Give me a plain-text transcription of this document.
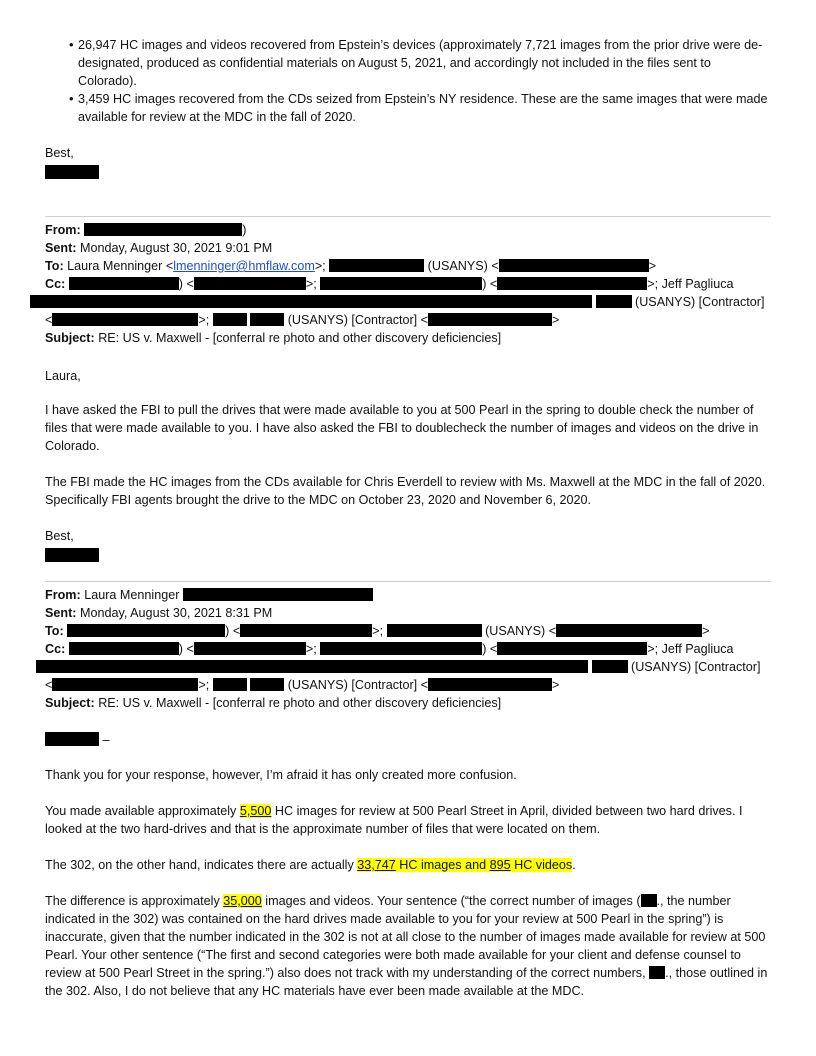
• 26,947 HC images and videos recovered from Epstein’s devices (approximately 7,721 images from the prior drive were de-designated, produced as confidential materials on August 5, 2021, and accordingly not included in the files sent to Colorado).
• 3,459 HC images recovered from the CDs seized from Epstein’s NY residence. These are the same images that were made available for review at the MDC in the fall of 2020.
Best,
From:	)
Sent: Monday, August 30, 2021 9:01 PM
To: Laura Menninger <lmenninger@hmflaw.com>;	(USANYS) <	>
Cc:	) <	>;	) <	>; Jeff Pagliuca
(USANYS) [Contractor]
<	>;	(USANYS) [Contractor] <	>
Subject: RE: US v. Maxwell - [conferral re photo and other discovery deficiencies]
Laura,
I have asked the FBI to pull the drives that were made available to you at 500 Pearl in the spring to double check the number of files that were made available to you. I have also asked the FBI to doublecheck the number of images and videos on the drive in Colorado.
The FBI made the HC images from the CDs available for Chris Everdell to review with Ms. Maxwell at the MDC in the fall of 2020. Specifically FBI agents brought the drive to the MDC on October 23, 2020 and November 6, 2020.
Best,
From: Laura Menninger
Sent: Monday, August 30, 2021 8:31 PM
To:	) <	>;	(USANYS) <	>
Cc:	) <	>;	) <	>; Jeff Pagliuca
(USANYS) [Contractor]
<	>;	(USANYS) [Contractor] <	>
Subject: RE: US v. Maxwell - [conferral re photo and other discovery deficiencies]
–
Thank you for your response, however, I’m afraid it has only created more confusion.
You made available approximately 5,500 HC images for review at 500 Pearl Street in April, divided between two hard drives. I looked at the two hard-drives and that is the approximate number of files that were located on them.
The 302, on the other hand, indicates there are actually 33,747 HC images and 895 HC videos.
The difference is approximately 35,000 images and videos. Your sentence (“the correct number of images ( ., the number indicated in the 302) was contained on the hard drives made available to you for your review at 500 Pearl in the spring”) is inaccurate, given that the number indicated in the 302 is not at all close to the number of images made available for review at 500 Pearl. Your other sentence (“The first and second categories were both made available for your client and defense counsel to review at 500 Pearl Street in the spring.”) also does not track with my understanding of the correct numbers, ., those outlined in the 302. Also, I do not believe that any HC materials have ever been made available at the MDC.
